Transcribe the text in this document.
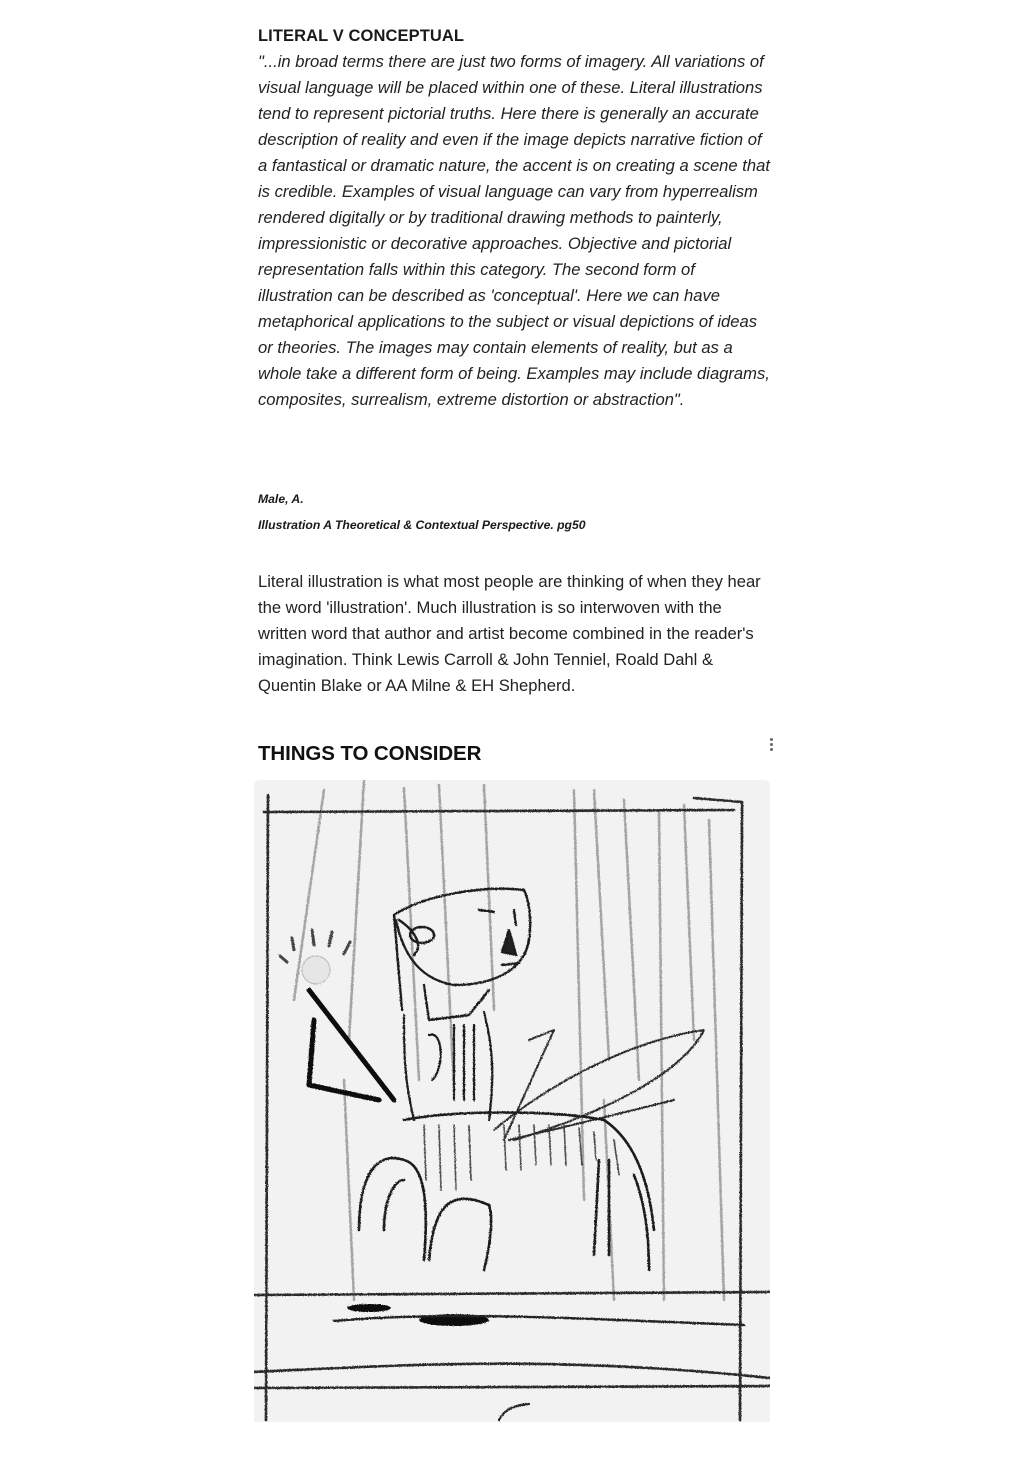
LITERAL V CONCEPTUAL
"...in broad terms there are just two forms of imagery. All variations of visual language will be placed within one of these. Literal illustrations tend to represent pictorial truths. Here there is generally an accurate description of reality and even if the image depicts narrative fiction of a fantastical or dramatic nature, the accent is on creating a scene that is credible. Examples of visual language can vary from hyperrealism rendered digitally or by traditional drawing methods to painterly, impressionistic or decorative approaches. Objective and pictorial representation falls within this category. The second form of illustration can be described as 'conceptual'. Here we can have metaphorical applications to the subject or visual depictions of ideas or theories. The images may contain elements of reality, but as a whole take a different form of being. Examples may include diagrams, composites, surrealism, extreme distortion or abstraction".
Male, A.
Illustration A Theoretical & Contextual Perspective. pg50
Literal illustration is what most people are thinking of when they hear the word 'illustration'. Much illustration is so interwoven with the written word that author and artist become combined in the reader's imagination. Think Lewis Carroll & John Tenniel, Roald Dahl & Quentin Blake or AA Milne & EH Shepherd.
THINGS TO CONSIDER
